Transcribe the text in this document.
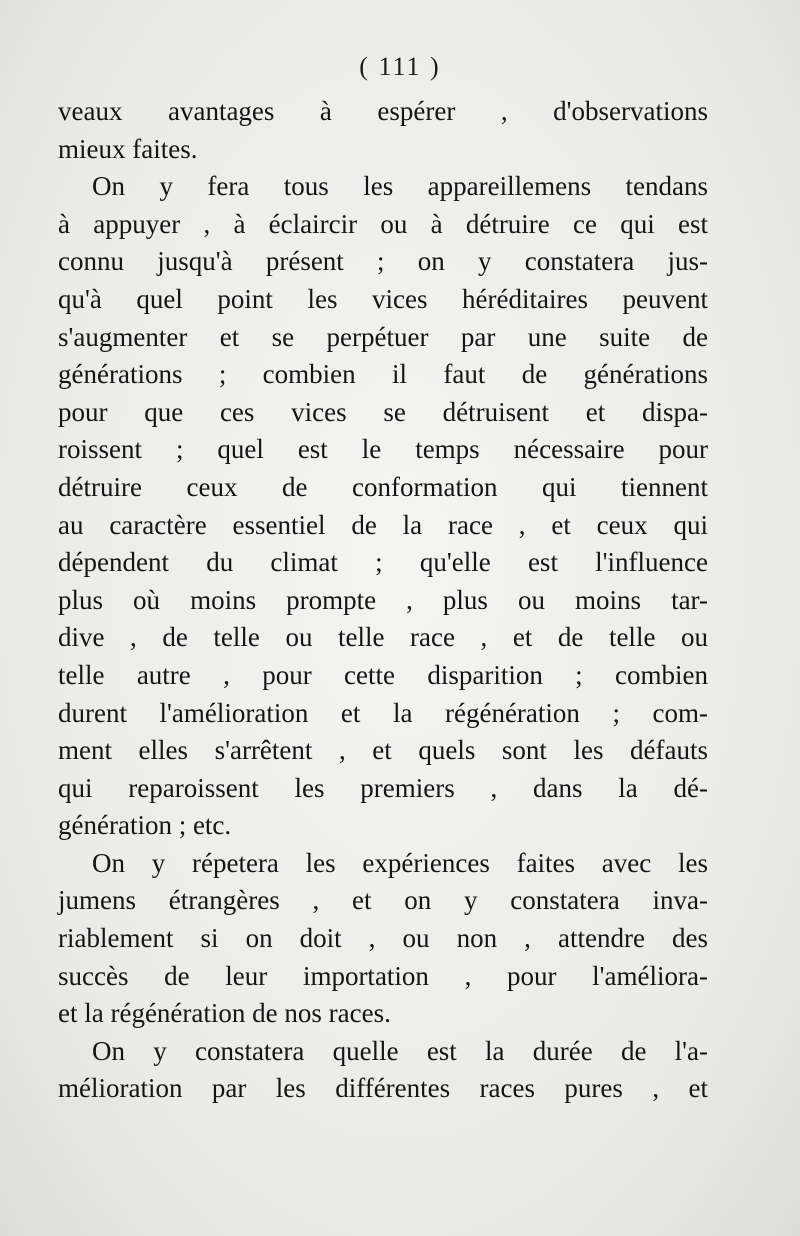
( 111 )
veaux avantages à espérer , d'observations
mieux faites.
On y fera tous les appareillemens tendans
à appuyer , à éclaircir ou à détruire ce qui est
connu jusqu'à présent ; on y constatera jus-
qu'à quel point les vices héréditaires peuvent
s'augmenter et se perpétuer par une suite de
générations ; combien il faut de générations
pour que ces vices se détruisent et dispa-
roissent ; quel est le temps nécessaire pour
détruire ceux de conformation qui tiennent
au caractère essentiel de la race , et ceux qui
dépendent du climat ; qu'elle est l'influence
plus où moins prompte , plus ou moins tar-
dive , de telle ou telle race , et de telle ou
telle autre , pour cette disparition ; combien
durent l'amélioration et la régénération ; com-
ment elles s'arrêtent , et quels sont les défauts
qui reparoissent les premiers , dans la dé-
génération ; etc.
On y répetera les expériences faites avec les
jumens étrangères , et on y constatera inva-
riablement si on doit , ou non , attendre des
succès de leur importation , pour l'améliora-
et la régénération de nos races.
On y constatera quelle est la durée de l'a-
mélioration par les différentes races pures , et
